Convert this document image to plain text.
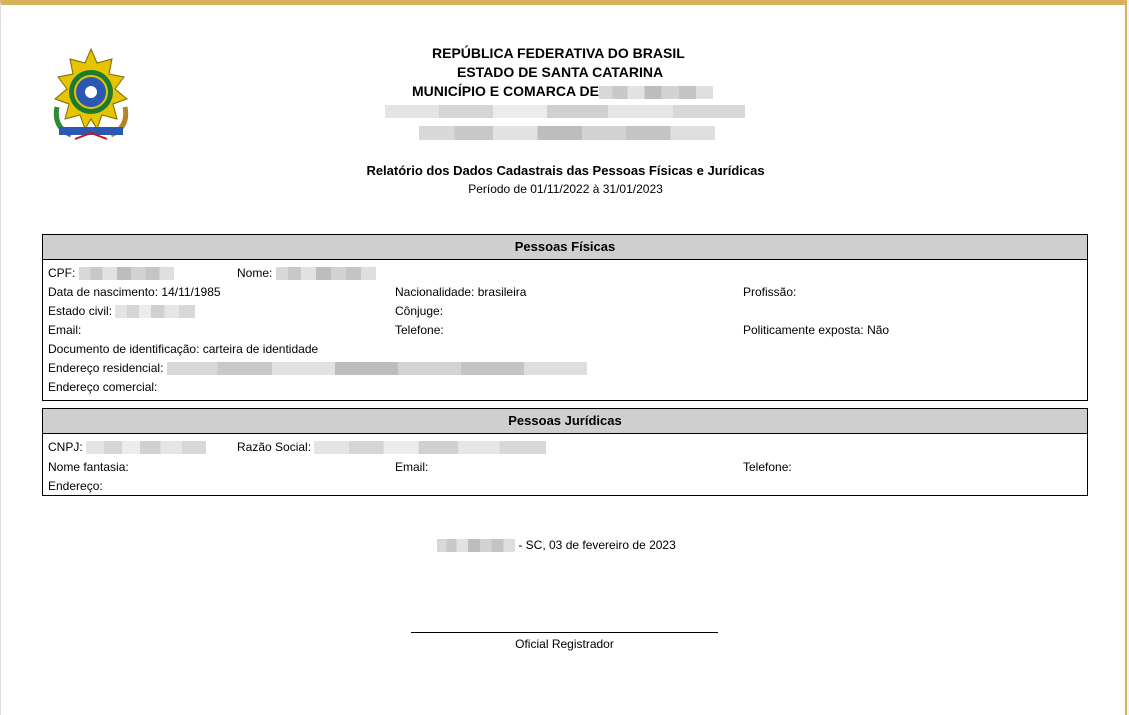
REPÚBLICA FEDERATIVA DO BRASIL
ESTADO DE SANTA CATARINA
MUNICÍPIO E COMARCA DE
Relatório dos Dados Cadastrais das Pessoas Físicas e Jurídicas
Período de 01/11/2022 à 31/01/2023
Pessoas Físicas
CPF:	Nome:
Data de nascimento: 14/11/1985	Nacionalidade: brasileira	Profissão:
Estado civil:	Cônjuge:
Email:	Telefone:	Politicamente exposta: Não
Documento de identificação: carteira de identidade
Endereço residencial:
Endereço comercial:
Pessoas Jurídicas
CNPJ:	Razão Social:
Nome fantasia:	Email:	Telefone:
Endereço:
- SC, 03 de fevereiro de 2023
Oficial Registrador
